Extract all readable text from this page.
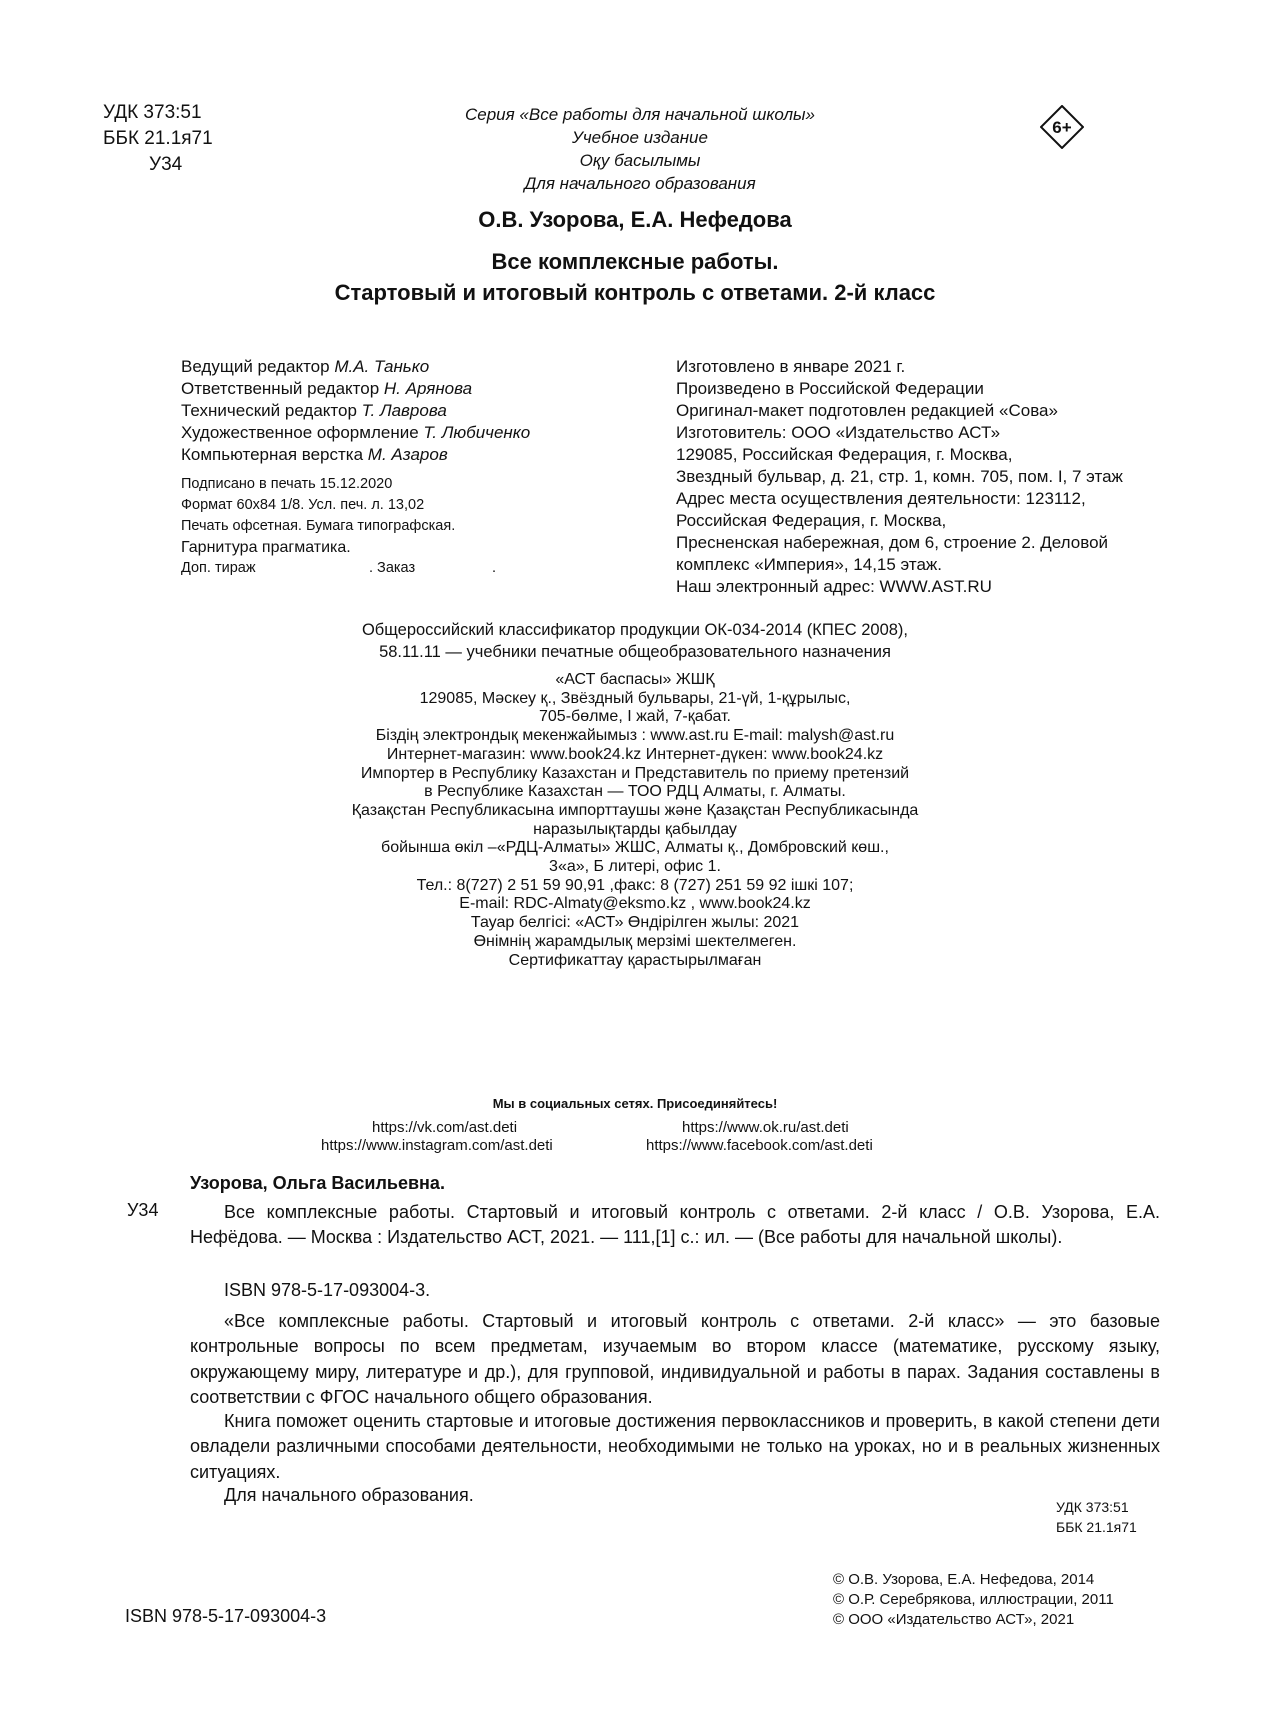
УДК 373:51
ББК 21.1я71
У34
Серия «Все работы для начальной школы»
Учебное издание
Оқу басылымы
Для начального образования
6+
О.В. Узорова, Е.А. Нефедова
Все комплексные работы.
Стартовый и итоговый контроль с ответами. 2-й класс
Ведущий редактор М.А. Танько
Ответственный редактор Н. Арянова
Технический редактор Т. Лаврова
Художественное оформление Т. Любиченко
Компьютерная верстка М. Азаров
Подписано в печать 15.12.2020
Формат 60x84 1/8. Усл. печ. л. 13,02
Печать офсетная. Бумага типографская.
Гарнитура прагматика.
Доп. тираж	. Заказ	.
Изготовлено в январе 2021 г.
Произведено в Российской Федерации
Оригинал-макет подготовлен редакцией «Сова»
Изготовитель: ООО «Издательство АСТ»
129085, Российская Федерация, г. Москва,
Звездный бульвар, д. 21, стр. 1, комн. 705, пом. I, 7 этаж
Адрес места осуществления деятельности: 123112,
Российская Федерация, г. Москва,
Пресненская набережная, дом 6, строение 2. Деловой
комплекс «Империя», 14,15 этаж.
Наш электронный адрес: WWW.AST.RU
Общероссийский классификатор продукции ОК-034-2014 (КПЕС 2008),
58.11.11 — учебники печатные общеобразовательного назначения
«АСТ баспасы» ЖШҚ
129085, Мәскеу қ., Звёздный бульвары, 21-үй, 1-құрылыс,
705-бөлме, I жай, 7-қабат.
Біздің электрондық мекенжайымыз : www.ast.ru E-mail: malysh@ast.ru
Интернет-магазин: www.book24.kz Интернет-дүкен: www.book24.kz
Импортер в Республику Казахстан и Представитель по приему претензий
в Республике Казахстан — ТОО РДЦ Алматы, г. Алматы.
Қазақстан Республикасына импорттаушы және Қазақстан Республикасында
наразылықтарды қабылдау
бойынша өкіл –«РДЦ-Алматы» ЖШС, Алматы қ., Домбровский көш.,
3«а», Б литері, офис 1.
Тел.: 8(727) 2 51 59 90,91 ,факс: 8 (727) 251 59 92 ішкі 107;
E-mail: RDC-Almaty@eksmo.kz , www.book24.kz
Тауар белгісі: «АСТ» Өндірілген жылы: 2021
Өнімнің жарамдылық мерзімі шектелмеген.
Сертификаттау қарастырылмаған
Мы в социальных сетях. Присоединяйтесь!
https://vk.com/ast.deti	https://www.ok.ru/ast.deti
https://www.instagram.com/ast.deti	https://www.facebook.com/ast.deti
Узорова, Ольга Васильевна.
У34	Все комплексные работы. Стартовый и итоговый контроль с ответами. 2-й класс / О.В. Узорова, Е.А. Нефёдова. — Москва : Издательство АСТ, 2021. — 111,[1] с.: ил. — (Все работы для начальной школы).
ISBN 978-5-17-093004-3.
«Все комплексные работы. Стартовый и итоговый контроль с ответами. 2-й класс» — это базовые контрольные вопросы по всем предметам, изучаемым во втором классе (математике, русскому языку, окружающему миру, литературе и др.), для групповой, индивидуальной и работы в парах. Задания составлены в соответствии с ФГОС начального общего образования.
Книга поможет оценить стартовые и итоговые достижения первоклассников и проверить, в какой степени дети овладели различными способами деятельности, необходимыми не только на уроках, но и в реальных жизненных ситуациях.
Для начального образования.
УДК 373:51
ББК 21.1я71
© О.В. Узорова, Е.А. Нефедова, 2014
© О.Р. Серебрякова, иллюстрации, 2011
© ООО «Издательство АСТ», 2021
ISBN 978-5-17-093004-3
